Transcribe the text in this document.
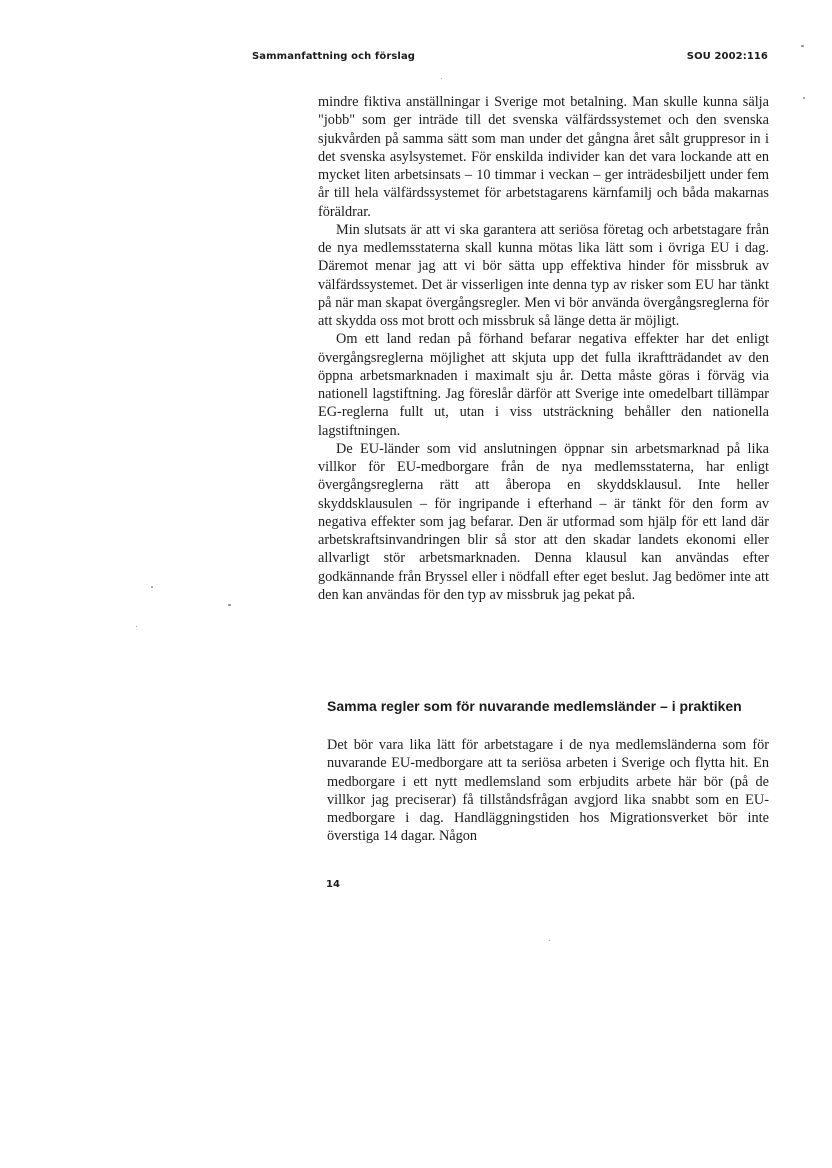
Sammanfattning och förslag	SOU 2002:116

mindre fiktiva anställningar i Sverige mot betalning. Man skulle kunna sälja "jobb" som ger inträde till det svenska välfärdssystemet och den svenska sjukvården på samma sätt som man under det gångna året sålt gruppresor in i det svenska asylsystemet. För enskilda individer kan det vara lockande att en mycket liten arbetsinsats – 10 timmar i veckan – ger inträdesbiljett under fem år till hela välfärdssystemet för arbetstagarens kärnfamilj och båda makarnas föräldrar.

Min slutsats är att vi ska garantera att seriösa företag och arbetstagare från de nya medlemsstaterna skall kunna mötas lika lätt som i övriga EU i dag. Däremot menar jag att vi bör sätta upp effektiva hinder för missbruk av välfärdssystemet. Det är visserligen inte denna typ av risker som EU har tänkt på när man skapat övergångsregler. Men vi bör använda övergångsreglerna för att skydda oss mot brott och missbruk så länge detta är möjligt.

Om ett land redan på förhand befarar negativa effekter har det enligt övergångsreglerna möjlighet att skjuta upp det fulla ikraftträdandet av den öppna arbetsmarknaden i maximalt sju år. Detta måste göras i förväg via nationell lagstiftning. Jag föreslår därför att Sverige inte omedelbart tillämpar EG-reglerna fullt ut, utan i viss utsträckning behåller den nationella lagstiftningen.

De EU-länder som vid anslutningen öppnar sin arbetsmarknad på lika villkor för EU-medborgare från de nya medlemsstaterna, har enligt övergångsreglerna rätt att åberopa en skyddsklausul. Inte heller skyddsklausulen – för ingripande i efterhand – är tänkt för den form av negativa effekter som jag befarar. Den är utformad som hjälp för ett land där arbetskraftsinvandringen blir så stor att den skadar landets ekonomi eller allvarligt stör arbetsmarknaden. Denna klausul kan användas efter godkännande från Bryssel eller i nödfall efter eget beslut. Jag bedömer inte att den kan användas för den typ av missbruk jag pekat på.

Samma regler som för nuvarande medlemsländer – i praktiken

Det bör vara lika lätt för arbetstagare i de nya medlemsländerna som för nuvarande EU-medborgare att ta seriösa arbeten i Sverige och flytta hit. En medborgare i ett nytt medlemsland som erbjudits arbete här bör (på de villkor jag preciserar) få tillståndsfrågan avgjord lika snabbt som en EU-medborgare i dag. Handläggningstiden hos Migrationsverket bör inte överstiga 14 dagar. Någon

14
